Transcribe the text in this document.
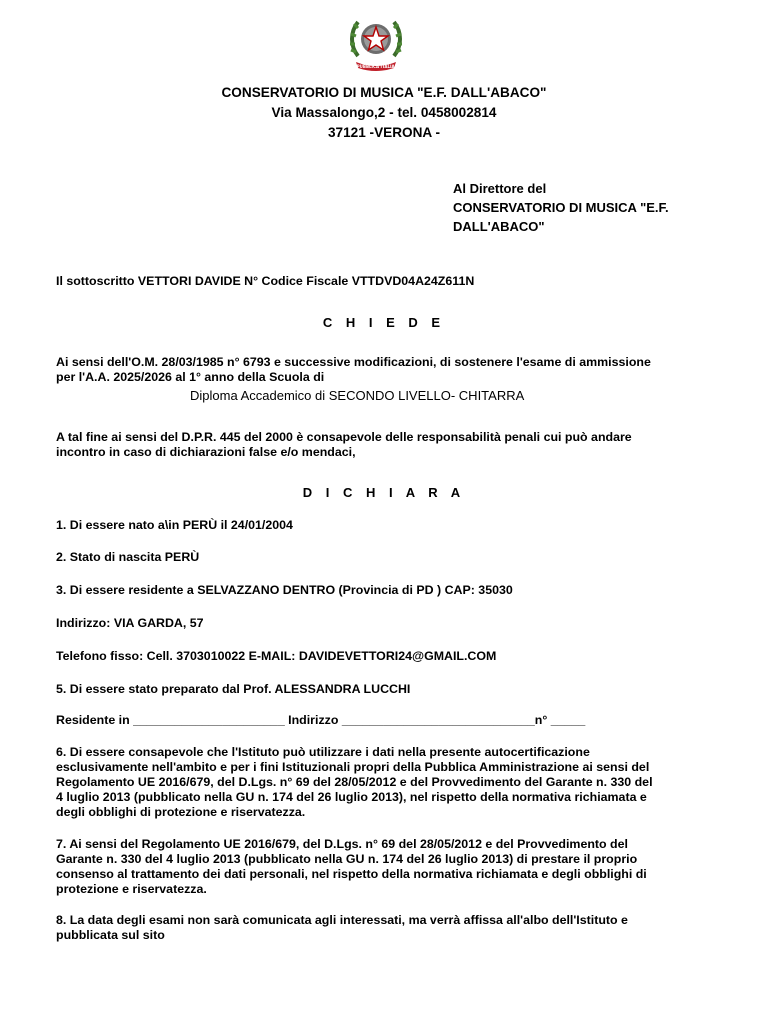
REPUBBLICA ITALIANA
CONSERVATORIO DI MUSICA "E.F. DALL'ABACO"
Via Massalongo,2 - tel. 0458002814
37121 -VERONA -
Al Direttore del
CONSERVATORIO DI MUSICA "E.F.
DALL'ABACO"
Il sottoscritto VETTORI DAVIDE N° Codice Fiscale VTTDVD04A24Z611N
C H I E D E
Ai sensi dell'O.M. 28/03/1985 n° 6793 e successive modificazioni, di sostenere l'esame di ammissione
per l'A.A. 2025/2026 al 1° anno della Scuola di
Diploma Accademico di SECONDO LIVELLO- CHITARRA
A tal fine ai sensi del D.P.R. 445 del 2000 è consapevole delle responsabilità penali cui può andare
incontro in caso di dichiarazioni false e/o mendaci,
D I C H I A R A
1. Di essere nato a\in PERÙ il 24/01/2004
2. Stato di nascita PERÙ
3. Di essere residente a SELVAZZANO DENTRO (Provincia di PD ) CAP: 35030
Indirizzo: VIA GARDA, 57
Telefono fisso: Cell. 3703010022 E-MAIL: DAVIDEVETTORI24@GMAIL.COM
5. Di essere stato preparato dal Prof. ALESSANDRA LUCCHI
Residente in ______________________ Indirizzo ____________________________n° _____
6. Di essere consapevole che l'Istituto può utilizzare i dati nella presente autocertificazione
esclusivamente nell'ambito e per i fini Istituzionali propri della Pubblica Amministrazione ai sensi del
Regolamento UE 2016/679, del D.Lgs. n° 69 del 28/05/2012 e del Provvedimento del Garante n. 330 del
4 luglio 2013 (pubblicato nella GU n. 174 del 26 luglio 2013), nel rispetto della normativa richiamata e
degli obblighi di protezione e riservatezza.
7. Ai sensi del Regolamento UE 2016/679, del D.Lgs. n° 69 del 28/05/2012 e del Provvedimento del
Garante n. 330 del 4 luglio 2013 (pubblicato nella GU n. 174 del 26 luglio 2013) di prestare il proprio
consenso al trattamento dei dati personali, nel rispetto della normativa richiamata e degli obblighi di
protezione e riservatezza.
8. La data degli esami non sarà comunicata agli interessati, ma verrà affissa all'albo dell'Istituto e
pubblicata sul sito
